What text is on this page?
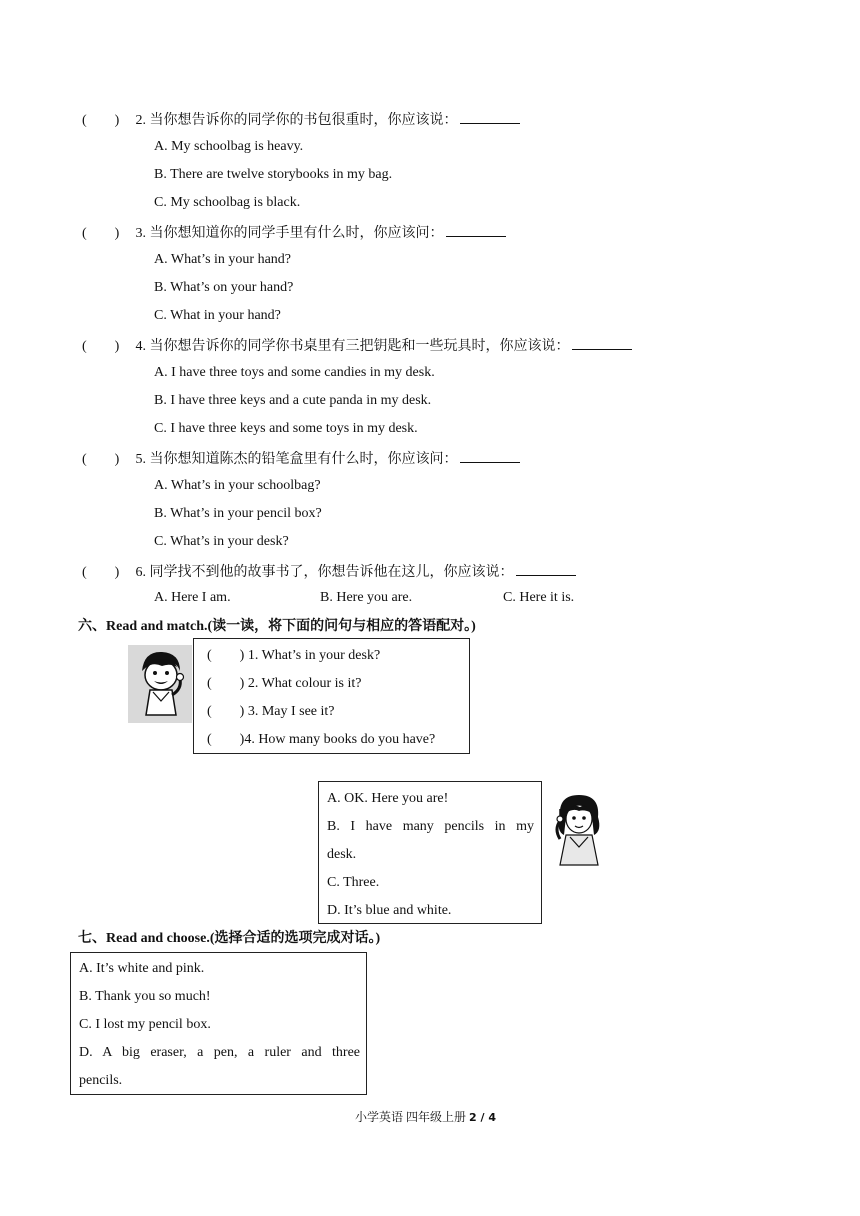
(　　) 2. 当你想告诉你的同学你的书包很重时，你应该说：
A. My schoolbag is heavy.
B. There are twelve storybooks in my bag.
C. My schoolbag is black.
(　　) 3. 当你想知道你的同学手里有什么时，你应该问：
A. What’s in your hand?
B. What’s on your hand?
C. What in your hand?
(　　) 4. 当你想告诉你的同学你书桌里有三把钥匙和一些玩具时，你应该说：
A. I have three toys and some candies in my desk.
B. I have three keys and a cute panda in my desk.
C. I have three keys and some toys in my desk.
(　　) 5. 当你想知道陈杰的铅笔盒里有什么时，你应该问：
A. What’s in your schoolbag?
B. What’s in your pencil box?
C. What’s in your desk?
(　　) 6. 同学找不到他的故事书了，你想告诉他在这儿，你应该说：
A. Here I am.	B. Here you are.	C. Here it is.
六、Read and match.(读一读，将下面的问句与相应的答语配对。)
(　　) 1. What’s in your desk?
(　　) 2. What colour is it?
(　　) 3. May I see it?
(　　)4. How many books do you have?
A. OK. Here you are!
B. I have many pencils in my
desk.
C. Three.
D. It’s blue and white.
七、Read and choose.(选择合适的选项完成对话。)
A. It’s white and pink.
B. Thank you so much!
C. I lost my pencil box.
D. A big eraser, a pen, a ruler and three
pencils.
小学英语 四年级上册 2 / 4
